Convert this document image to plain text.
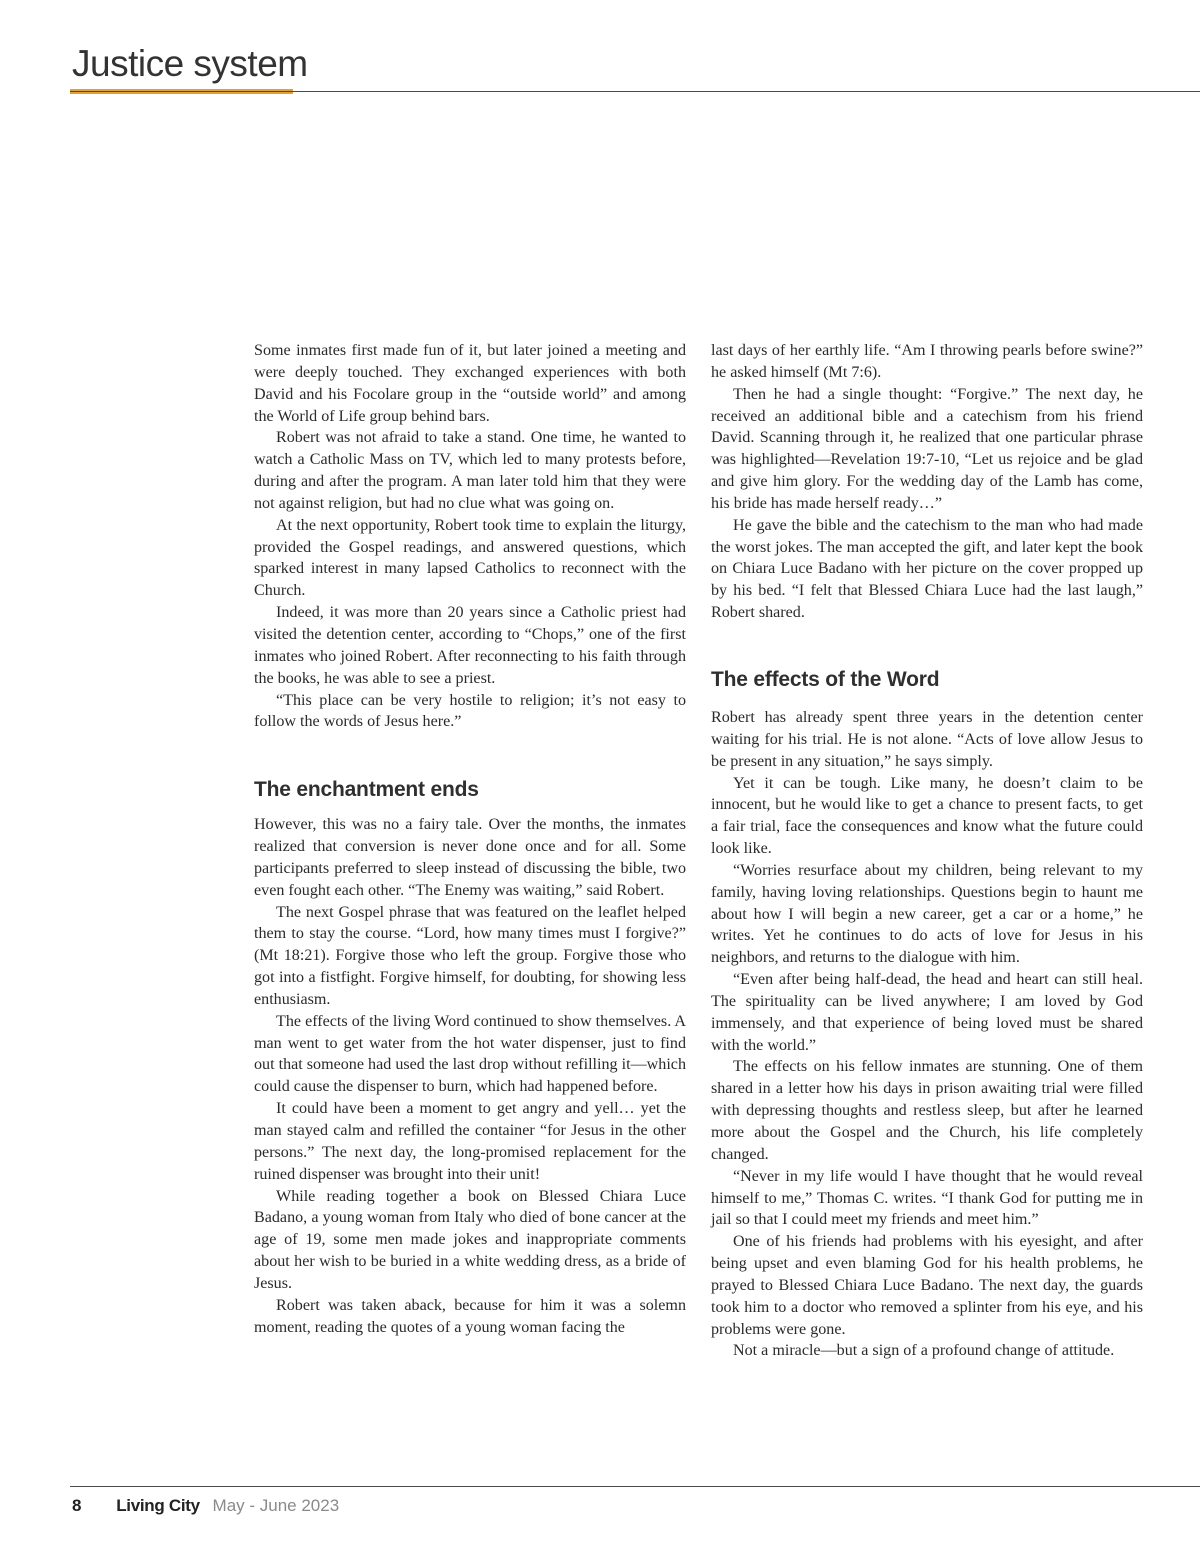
Justice system

Some inmates first made fun of it, but later joined a meeting and were deeply touched. They exchanged experiences with both David and his Focolare group in the “outside world” and among the World of Life group behind bars.

Robert was not afraid to take a stand. One time, he wanted to watch a Catholic Mass on TV, which led to many protests before, during and after the program. A man later told him that they were not against religion, but had no clue what was going on.

At the next opportunity, Robert took time to explain the liturgy, provided the Gospel readings, and answered questions, which sparked interest in many lapsed Catholics to reconnect with the Church.

Indeed, it was more than 20 years since a Catholic priest had visited the detention center, according to “Chops,” one of the first inmates who joined Robert. After reconnecting to his faith through the books, he was able to see a priest.

“This place can be very hostile to religion; it’s not easy to follow the words of Jesus here.”

The enchantment ends

However, this was no a fairy tale. Over the months, the inmates realized that conversion is never done once and for all. Some participants preferred to sleep instead of discussing the bible, two even fought each other. “The Enemy was waiting,” said Robert.

The next Gospel phrase that was featured on the leaflet helped them to stay the course. “Lord, how many times must I forgive?” (Mt 18:21). Forgive those who left the group. Forgive those who got into a fistfight. Forgive himself, for doubting, for showing less enthusiasm.

The effects of the living Word continued to show themselves. A man went to get water from the hot water dispenser, just to find out that someone had used the last drop without refilling it—which could cause the dispenser to burn, which had happened before.

It could have been a moment to get angry and yell… yet the man stayed calm and refilled the container “for Jesus in the other persons.” The next day, the long-promised replacement for the ruined dispenser was brought into their unit!

While reading together a book on Blessed Chiara Luce Badano, a young woman from Italy who died of bone cancer at the age of 19, some men made jokes and inappropriate comments about her wish to be buried in a white wedding dress, as a bride of Jesus.

Robert was taken aback, because for him it was a solemn moment, reading the quotes of a young woman facing the

last days of her earthly life. “Am I throwing pearls before swine?” he asked himself (Mt 7:6).

Then he had a single thought: “Forgive.” The next day, he received an additional bible and a catechism from his friend David. Scanning through it, he realized that one particular phrase was highlighted—Revelation 19:7-10, “Let us rejoice and be glad and give him glory. For the wedding day of the Lamb has come, his bride has made herself ready…”

He gave the bible and the catechism to the man who had made the worst jokes. The man accepted the gift, and later kept the book on Chiara Luce Badano with her picture on the cover propped up by his bed. “I felt that Blessed Chiara Luce had the last laugh,” Robert shared.

The effects of the Word

Robert has already spent three years in the detention center waiting for his trial. He is not alone. “Acts of love allow Jesus to be present in any situation,” he says simply.

Yet it can be tough. Like many, he doesn’t claim to be innocent, but he would like to get a chance to present facts, to get a fair trial, face the consequences and know what the future could look like.

“Worries resurface about my children, being relevant to my family, having loving relationships. Questions begin to haunt me about how I will begin a new career, get a car or a home,” he writes. Yet he continues to do acts of love for Jesus in his neighbors, and returns to the dialogue with him.

“Even after being half-dead, the head and heart can still heal. The spirituality can be lived anywhere; I am loved by God immensely, and that experience of being loved must be shared with the world.”

The effects on his fellow inmates are stunning. One of them shared in a letter how his days in prison awaiting trial were filled with depressing thoughts and restless sleep, but after he learned more about the Gospel and the Church, his life completely changed.

“Never in my life would I have thought that he would reveal himself to me,” Thomas C. writes. “I thank God for putting me in jail so that I could meet my friends and meet him.”

One of his friends had problems with his eyesight, and after being upset and even blaming God for his health problems, he prayed to Blessed Chiara Luce Badano. The next day, the guards took him to a doctor who removed a splinter from his eye, and his problems were gone.

Not a miracle—but a sign of a profound change of attitude.

8 Living City May - June 2023
